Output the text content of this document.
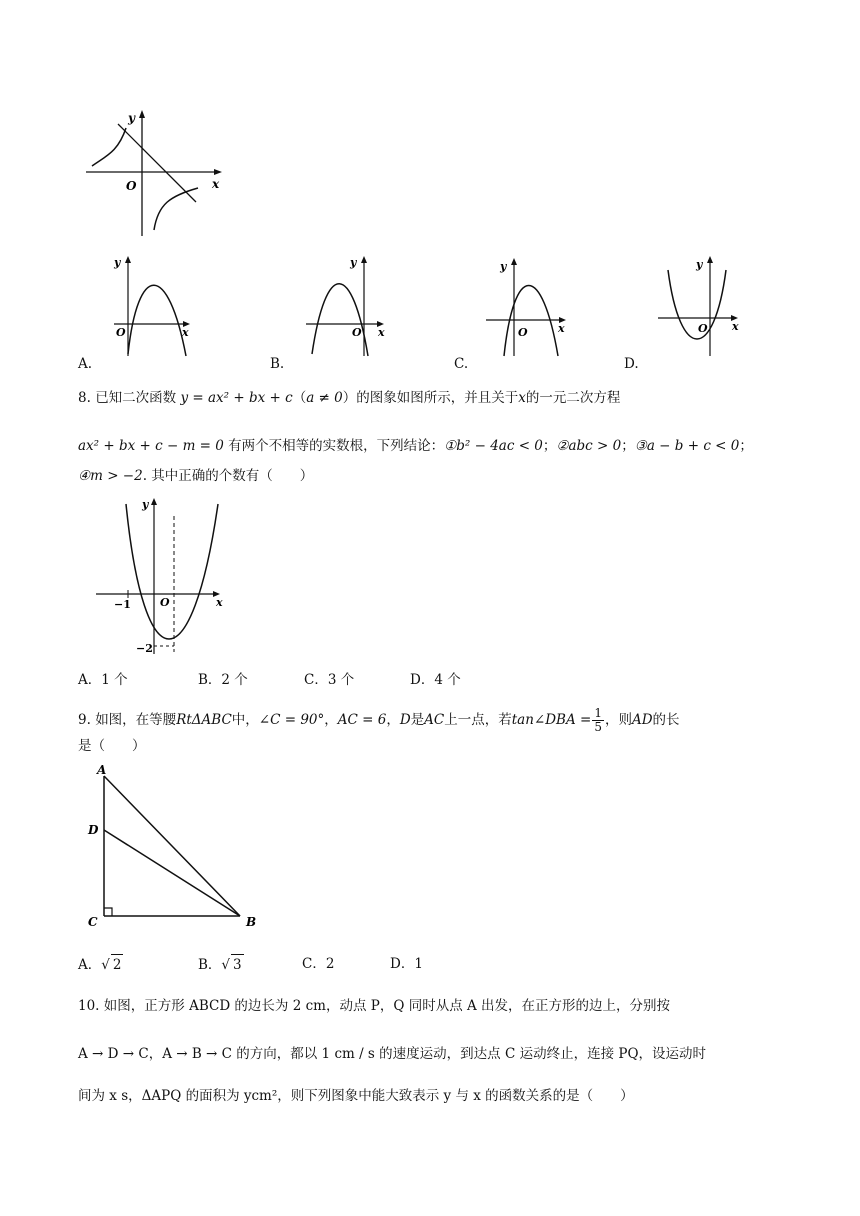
y
x
O
y
x
O
y
x
O
y
x
O
y
x
O
A.	B.	C.	D.
8. 已知二次函数 y = ax² + bx + c（a ≠ 0）的图象如图所示，并且关于x的一元二次方程
ax² + bx + c − m = 0 有两个不相等的实数根，下列结论：①b² − 4ac < 0；②abc > 0；③a − b + c < 0；
④m > −2. 其中正确的个数有（　　）
y
x
O
−1
−2
A．1 个	B．2 个	C．3 个	D．4 个
9. 如图，在等腰RtΔABC中，∠C = 90°，AC = 6，D是AC上一点，若tan∠DBA = $\frac{1}{5}$ ，则AD的长
是（　　）
A
D
C	B
A．√ 2	B．√ 3	C．2	D．1
10. 如图，正方形 ABCD 的边长为 2 cm，动点 P，Q 同时从点 A 出发，在正方形的边上，分别按
A → D → C，A → B → C 的方向，都以 1 cm / s 的速度运动，到达点 C 运动终止，连接 PQ，设运动时
间为 x s，ΔAPQ 的面积为 ycm²，则下列图象中能大致表示 y 与 x 的函数关系的是（　　）
